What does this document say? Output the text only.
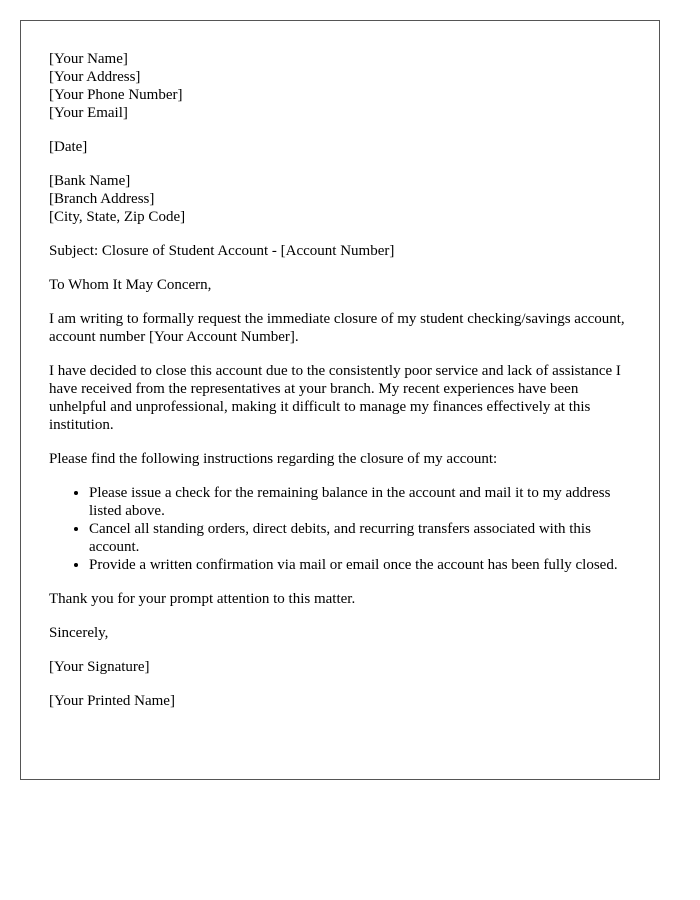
[Your Name]
[Your Address]
[Your Phone Number]
[Your Email]

[Date]

[Bank Name]
[Branch Address]
[City, State, Zip Code]

Subject: Closure of Student Account - [Account Number]

To Whom It May Concern,

I am writing to formally request the immediate closure of my student checking/savings account, account number [Your Account Number].

I have decided to close this account due to the consistently poor service and lack of assistance I have received from the representatives at your branch. My recent experiences have been unhelpful and unprofessional, making it difficult to manage my finances effectively at this institution.

Please find the following instructions regarding the closure of my account:

• Please issue a check for the remaining balance in the account and mail it to my address listed above.
• Cancel all standing orders, direct debits, and recurring transfers associated with this account.
• Provide a written confirmation via mail or email once the account has been fully closed.

Thank you for your prompt attention to this matter.

Sincerely,

[Your Signature]

[Your Printed Name]
